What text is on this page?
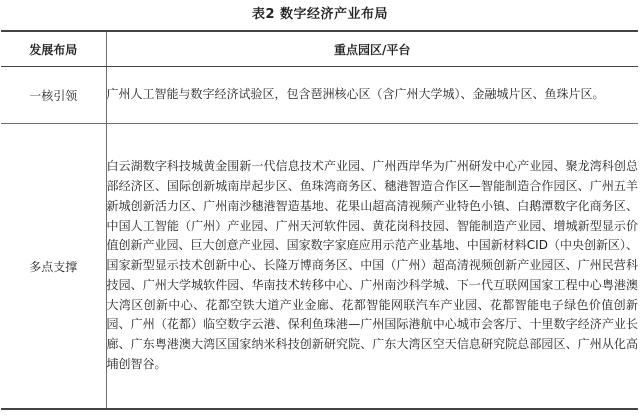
表2 数字经济产业布局
发展布局	重点园区/平台
一核引领	广州人工智能与数字经济试验区，包含琶洲核心区（含广州大学城）、金融城片区、鱼珠片区。
多点支撑	白云湖数字科技城黄金围新一代信息技术产业园、广州西岸华为广州研发中心产业园、聚龙湾科创总部经济区、国际创新城南岸起步区、鱼珠湾商务区、穗港智造合作区—智能制造合作园区、广州五羊新城创新活力区、广州南沙穗港智造基地、花果山超高清视频产业特色小镇、白鹅潭数字化商务区、中国人工智能（广州）产业园、广州天河软件园、黄花岗科技园、智能制造产业园、增城新型显示价值创新产业园、巨大创意产业园、国家数字家庭应用示范产业基地、中国新材料CID（中央创新区）、国家新型显示技术创新中心、长隆万博商务区、中国（广州）超高清视频创新产业园区、广州民营科技园、广州大学城软件园、华南技术转移中心、广州南沙科学城、下一代互联网国家工程中心粤港澳大湾区创新中心、花都空铁大道产业金廊、花都智能网联汽车产业园、花都智能电子绿色价值创新园、广州（花都）临空数字云港、保利鱼珠港—广州国际港航中心城市会客厅、十里数字经济产业长廊、广东粤港澳大湾区国家纳米科技创新研究院、广东大湾区空天信息研究院总部园区、广州从化高埔创智谷。
